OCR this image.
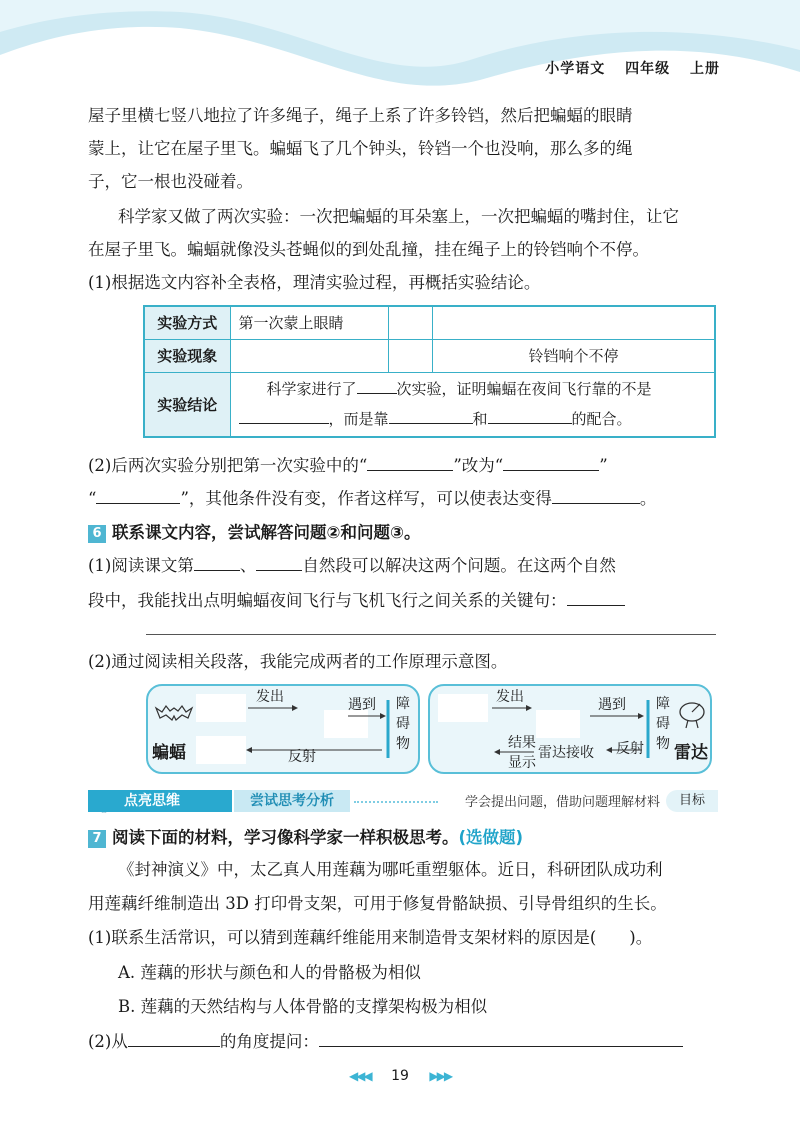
小学语文 四年级 上册
屋子里横七竖八地拉了许多绳子，绳子上系了许多铃铛，然后把蝙蝠的眼睛
蒙上，让它在屋子里飞。蝙蝠飞了几个钟头，铃铛一个也没响，那么多的绳
子，它一根也没碰着。
科学家又做了两次实验：一次把蝙蝠的耳朵塞上，一次把蝙蝠的嘴封住，让它
在屋子里飞。蝙蝠就像没头苍蝇似的到处乱撞，挂在绳子上的铃铛响个不停。
(1)根据选文内容补全表格，理清实验过程，再概括实验结论。
实验方式	第一次蒙上眼睛		
实验现象			铃铛响个不停
实验结论	科学家进行了 次实验，证明蝙蝠在夜间飞行靠的不是
，而是靠 和 的配合。		
(2)后两次实验分别把第一次实验中的“	”改为“	”
“	”，其他条件没有变，作者这样写，可以使表达变得	。
6 联系课文内容，尝试解答问题②和问题③。
(1)阅读课文第	、	自然段可以解决这两个问题。在这两个自然
段中，我能找出点明蝙蝠夜间飞行与飞机飞行之间关系的关键句：
(2)通过阅读相关段落，我能完成两者的工作原理示意图。
蝙蝠
发出	遇到
反射
障
碍
物
发出	遇到
反射
雷达接收
结果
显示
障
碍
物 雷达
点亮思维	尝试思考分析	学会提出问题，借助问题理解材料	目标
7 阅读下面的材料，学习像科学家一样积极思考。(选做题)
《封神演义》中，太乙真人用莲藕为哪吒重塑躯体。近日，科研团队成功利
用莲藕纤维制造出 3D 打印骨支架，可用于修复骨骼缺损、引导骨组织的生长。
(1)联系生活常识，可以猜到莲藕纤维能用来制造骨支架材料的原因是(　　)。
A. 莲藕的形状与颜色和人的骨骼极为相似
B. 莲藕的天然结构与人体骨骼的支撑架构极为相似
(2)从	的角度提问：
◀◀◀ 19 ▶▶▶
